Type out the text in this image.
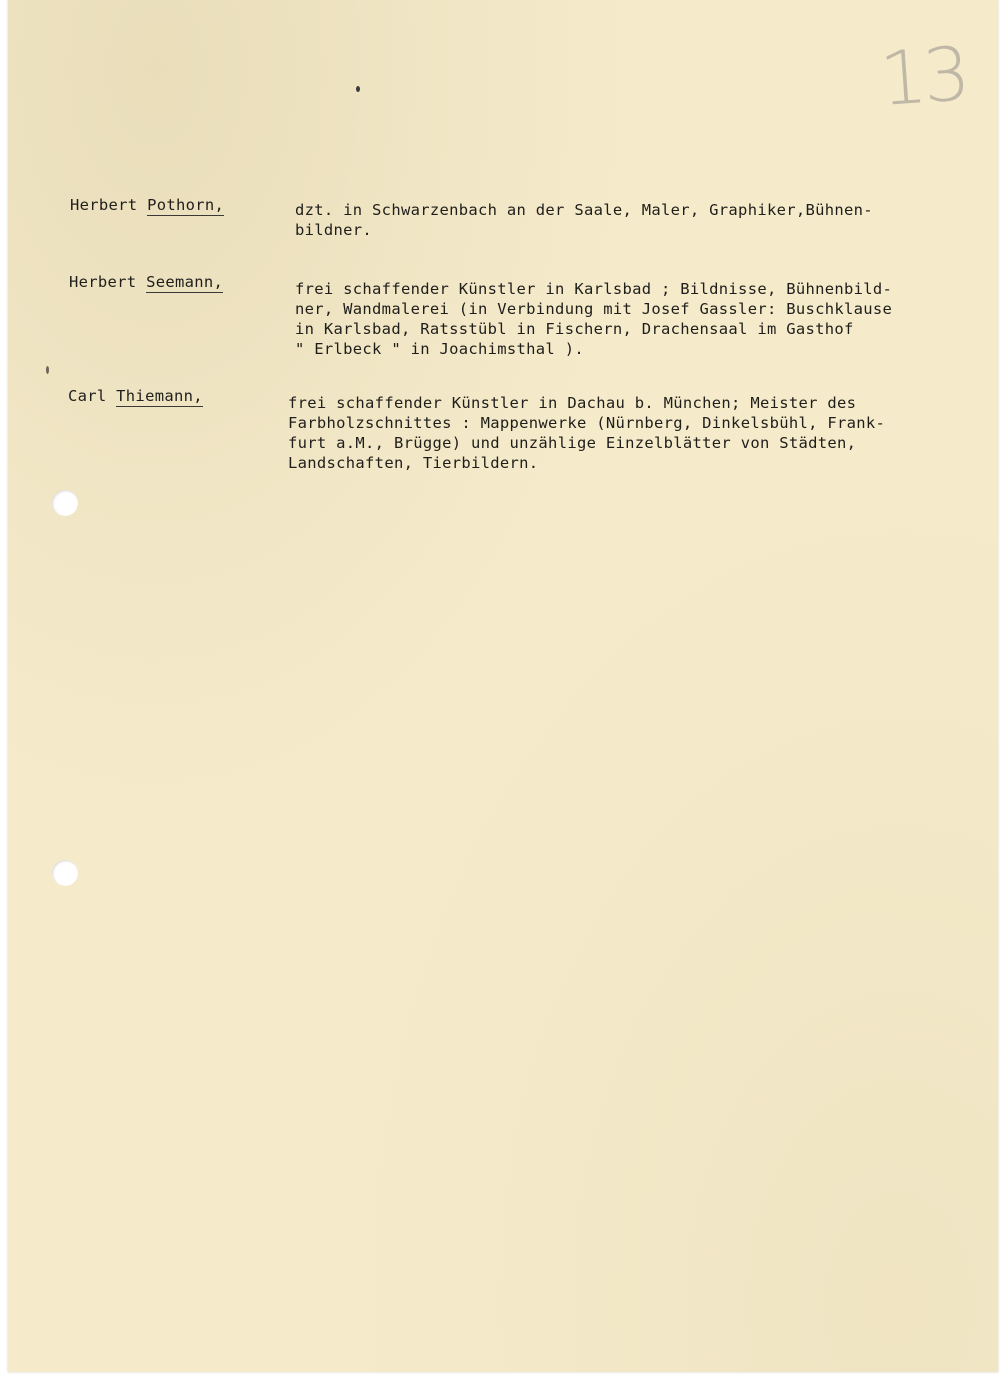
13
Herbert Pothorn,	dzt. in Schwarzenbach an der Saale, Maler, Graphiker,Bühnen-
bildner.
Herbert Seemann,	frei schaffender Künstler in Karlsbad ; Bildnisse, Bühnenbild-
ner, Wandmalerei (in Verbindung mit Josef Gassler: Buschklause
in Karlsbad, Ratsstübl in Fischern, Drachensaal im Gasthof
" Erlbeck " in Joachimsthal ).
Carl Thiemann,	frei schaffender Künstler in Dachau b. München; Meister des
Farbholzschnittes : Mappenwerke (Nürnberg, Dinkelsbühl, Frank-
furt a.M., Brügge) und unzählige Einzelblätter von Städten,
Landschaften, Tierbildern.
